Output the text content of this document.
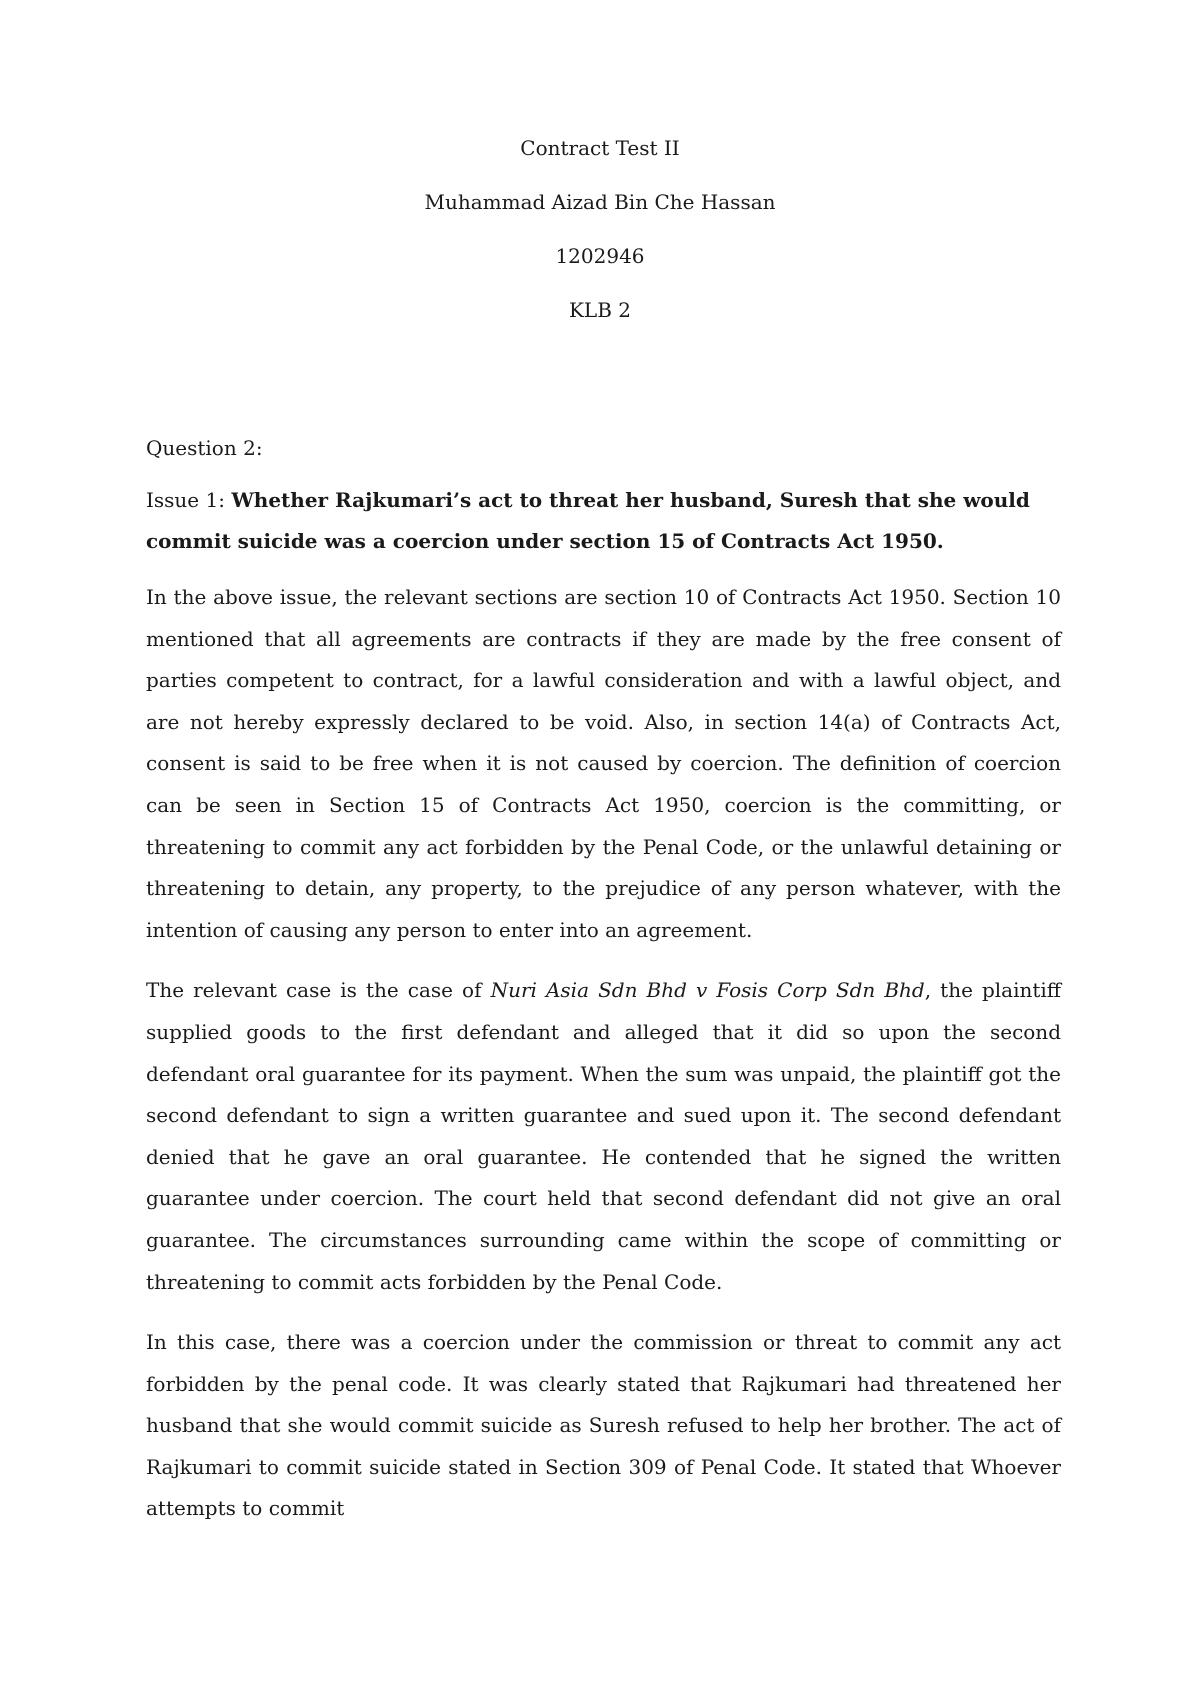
Contract Test II
Muhammad Aizad Bin Che Hassan
1202946
KLB 2
Question 2:
Issue 1: Whether Rajkumari’s act to threat her husband, Suresh that she would commit suicide was a coercion under section 15 of Contracts Act 1950.
In the above issue, the relevant sections are section 10 of Contracts Act 1950. Section 10 mentioned that all agreements are contracts if they are made by the free consent of parties competent to contract, for a lawful consideration and with a lawful object, and are not hereby expressly declared to be void. Also, in section 14(a) of Contracts Act, consent is said to be free when it is not caused by coercion. The definition of coercion can be seen in Section 15 of Contracts Act 1950, coercion is the committing, or threatening to commit any act forbidden by the Penal Code, or the unlawful detaining or threatening to detain, any property, to the prejudice of any person whatever, with the intention of causing any person to enter into an agreement.
The relevant case is the case of Nuri Asia Sdn Bhd v Fosis Corp Sdn Bhd, the plaintiff supplied goods to the first defendant and alleged that it did so upon the second defendant oral guarantee for its payment. When the sum was unpaid, the plaintiff got the second defendant to sign a written guarantee and sued upon it. The second defendant denied that he gave an oral guarantee. He contended that he signed the written guarantee under coercion. The court held that second defendant did not give an oral guarantee. The circumstances surrounding came within the scope of committing or threatening to commit acts forbidden by the Penal Code.
In this case, there was a coercion under the commission or threat to commit any act forbidden by the penal code. It was clearly stated that Rajkumari had threatened her husband that she would commit suicide as Suresh refused to help her brother. The act of Rajkumari to commit suicide stated in Section 309 of Penal Code. It stated that Whoever attempts to commit
